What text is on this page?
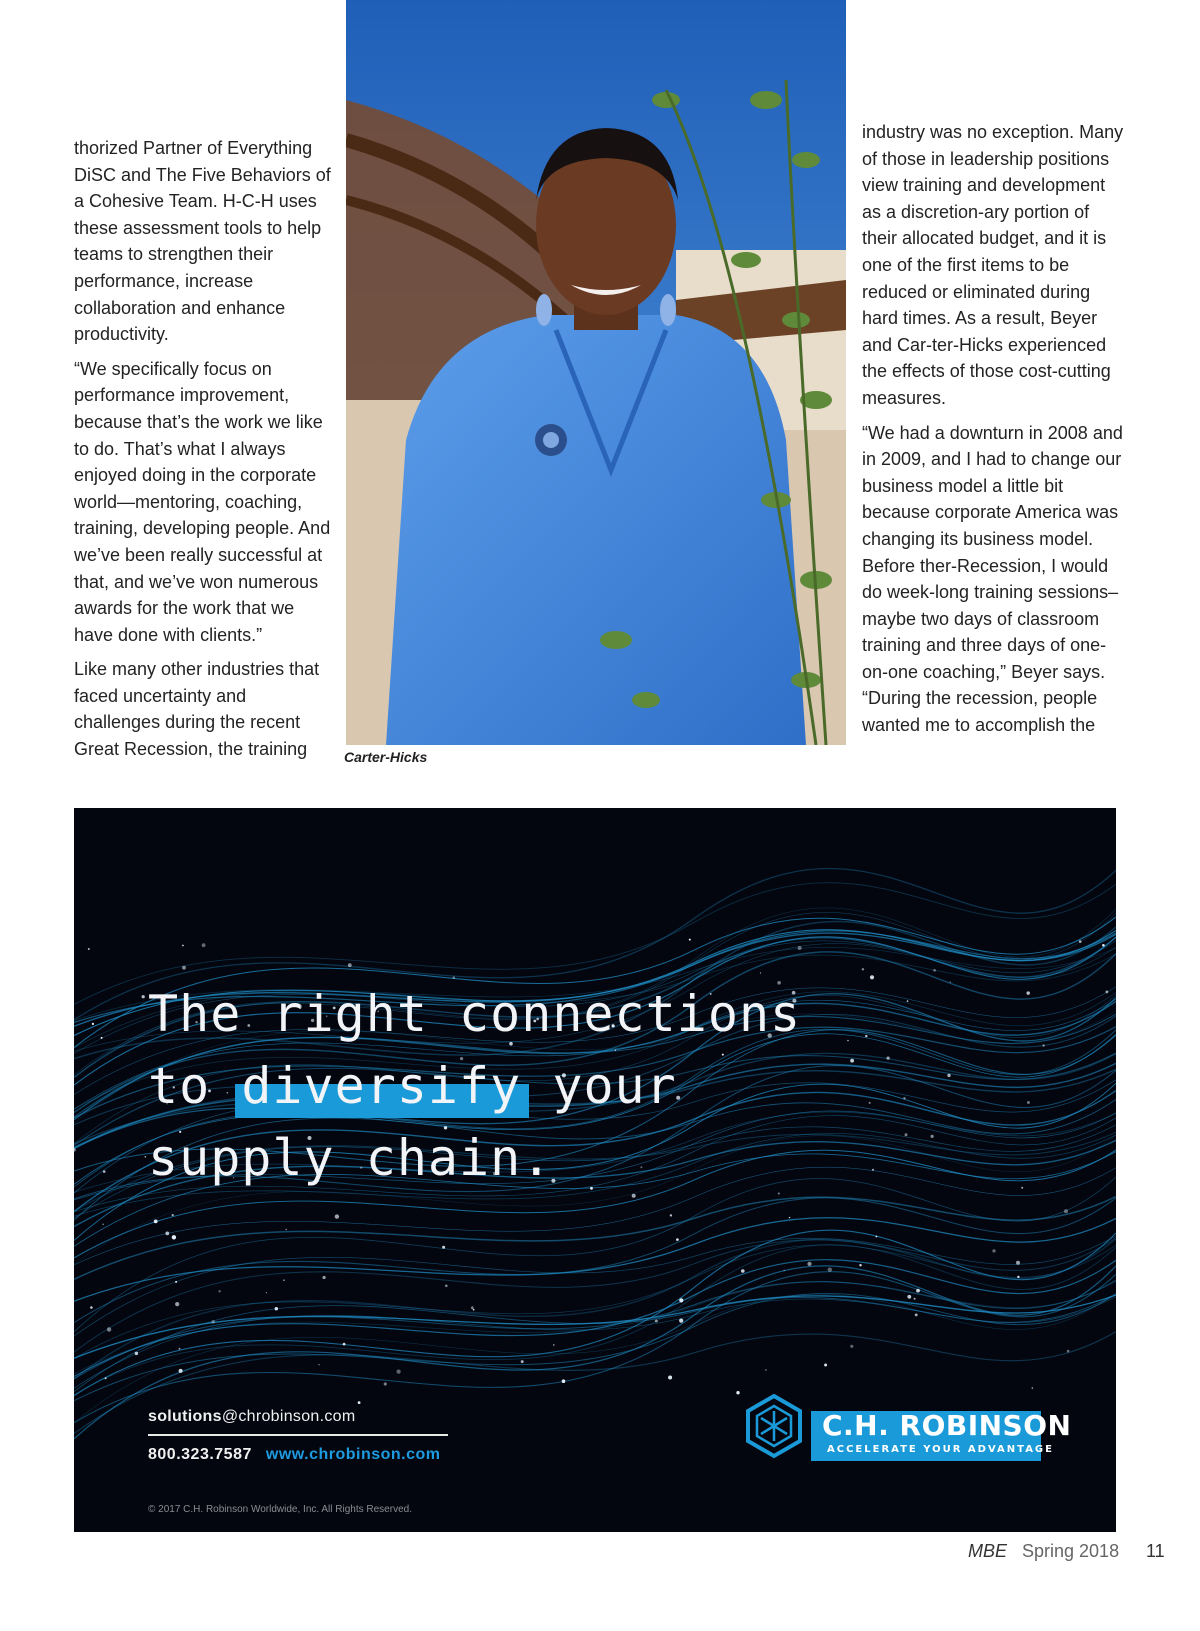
thorized Partner of Everything DiSC and The Five Behaviors of a Cohesive Team. H-C-H uses these assessment tools to help teams to strengthen their performance, increase collaboration and enhance productivity.

“We specifically focus on performance improvement, because that’s the work we like to do. That’s what I always enjoyed doing in the corporate world—mentoring, coaching, training, developing people. And we’ve been really successful at that, and we’ve won numerous awards for the work that we have done with clients.”

Like many other industries that faced uncertainty and challenges during the recent Great Recession, the training	Carter-Hicks

industry was no exception. Many of those in leadership positions view training and development as a discretion-ary portion of their allocated budget, and it is one of the first items to be reduced or eliminated during hard times. As a result, Beyer and Car-ter-Hicks experienced the effects of those cost-cutting measures.

“We had a downturn in 2008 and in 2009, and I had to change our business model a little bit because corporate America was changing its business model. Before ther-Recession, I would do week-long training sessions–maybe two days of classroom training and three days of one-on-one coaching,” Beyer says. “During the recession, people wanted me to accomplish the

The right connections
to diversify your
supply chain.
solutions@chrobinson.com
800.323.7587 www.chrobinson.com
© 2017 C.H. Robinson Worldwide, Inc. All Rights Reserved.
C.H. ROBINSON
ACCELERATE YOUR ADVANTAGE
MBE Spring 2018 11
